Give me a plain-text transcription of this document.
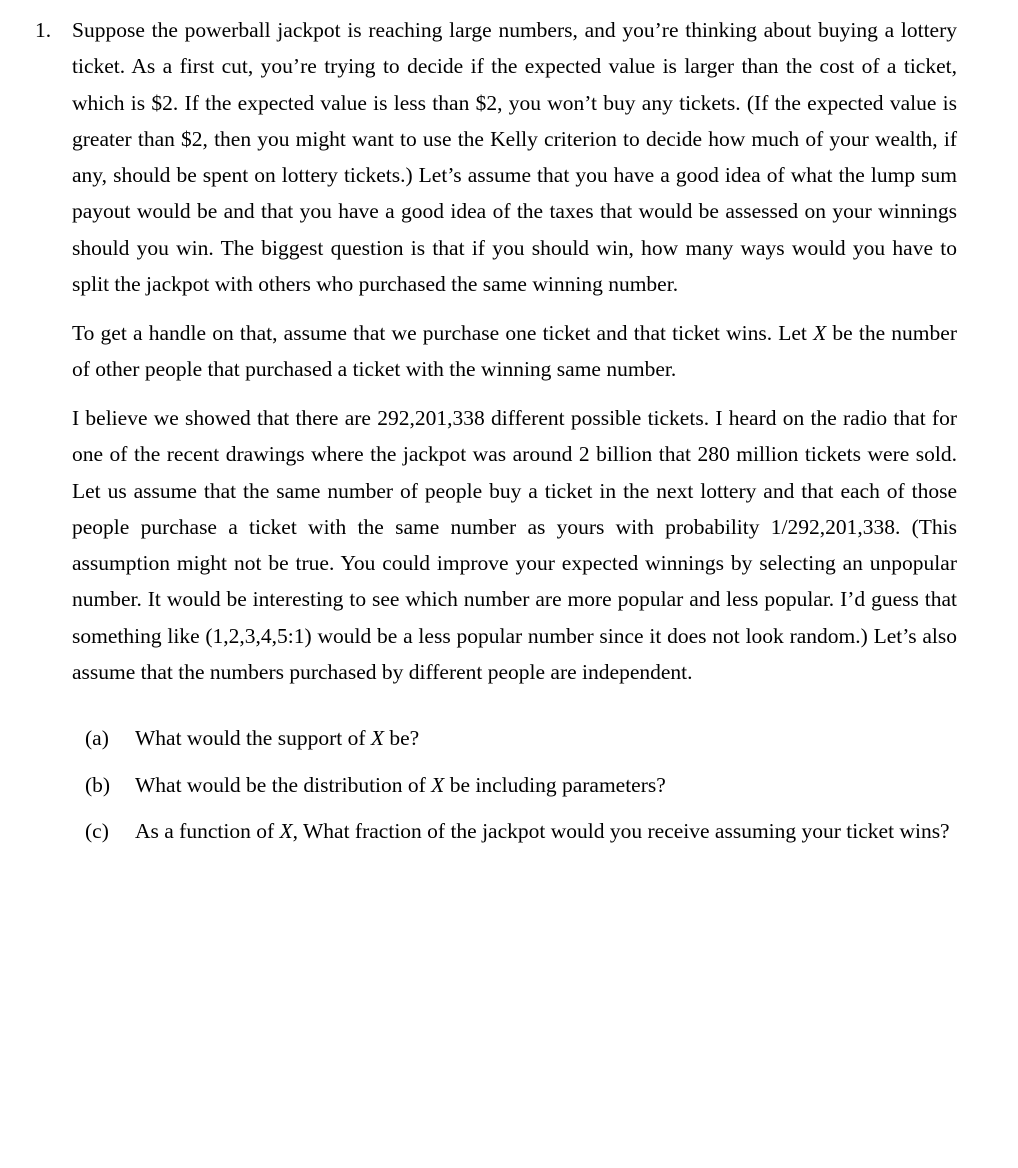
1. Suppose the powerball jackpot is reaching large numbers, and you’re thinking about buying a lottery ticket. As a first cut, you’re trying to decide if the expected value is larger than the cost of a ticket, which is $2. If the expected value is less than $2, you won’t buy any tickets. (If the expected value is greater than $2, then you might want to use the Kelly criterion to decide how much of your wealth, if any, should be spent on lottery tickets.) Let’s assume that you have a good idea of what the lump sum payout would be and that you have a good idea of the taxes that would be assessed on your winnings should you win. The biggest question is that if you should win, how many ways would you have to split the jackpot with others who purchased the same winning number.

To get a handle on that, assume that we purchase one ticket and that ticket wins. Let X be the number of other people that purchased a ticket with the winning same number.

I believe we showed that there are 292,201,338 different possible tickets. I heard on the radio that for one of the recent drawings where the jackpot was around 2 billion that 280 million tickets were sold. Let us assume that the same number of people buy a ticket in the next lottery and that each of those people purchase a ticket with the same number as yours with probability 1/292,201,338. (This assumption might not be true. You could improve your expected winnings by selecting an unpopular number. It would be interesting to see which number are more popular and less popular. I’d guess that something like (1,2,3,4,5:1) would be a less popular number since it does not look random.) Let’s also assume that the numbers purchased by different people are independent.

(a)	What would the support of X be?
(b)	What would be the distribution of X be including parameters?
(c)	As a function of X, What fraction of the jackpot would you receive assuming your ticket wins?
